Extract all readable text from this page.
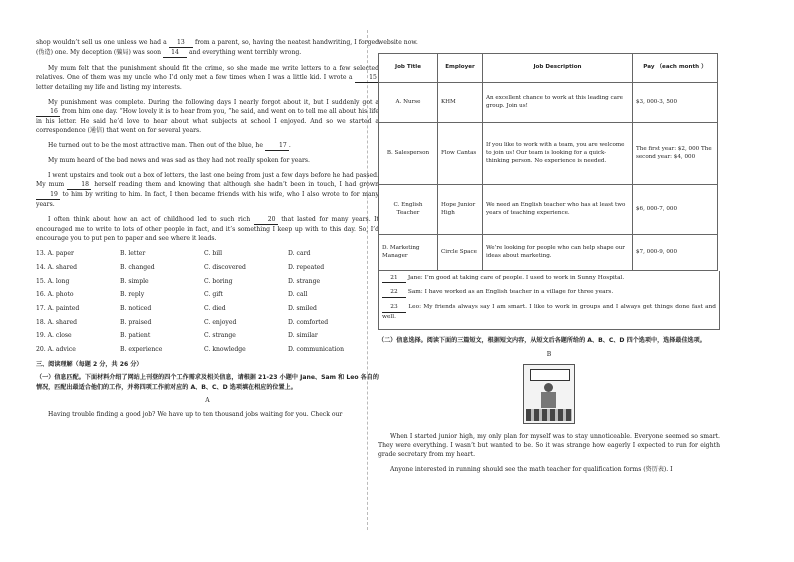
shop wouldn’t sell us one unless we had a 13 from a parent, so, having the neatest handwriting, I forged (伪造) one. My deception (骗局) was soon 14 and everything went terribly wrong.

My mum felt that the punishment should fit the crime, so she made me write letters to a few selected relatives. One of them was my uncle who I’d only met a few times when I was a little kid. I wrote a 15 letter detailing my life and listing my interests.

My punishment was complete. During the following days I nearly forgot about it, but I suddenly got a 16 from him one day. “How lovely it is to hear from you, ”he said, and went on to tell me all about his life in his letter. He said he’d love to hear about what subjects at school I enjoyed. And so we started a correspondence (通信) that went on for several years.

He turned out to be the most attractive man. Then out of the blue, he 17 .

My mum heard of the bad news and was sad as they had not really spoken for years.

I went upstairs and took out a box of letters, the last one being from just a few days before he had passed. My mum 18 herself reading them and knowing that although she hadn’t been in touch, I had grown 19 to him by writing to him. In fact, I then became friends with his wife, who I also wrote to for many years.

I often think about how an act of childhood led to such rich 20 that lasted for many years. It encouraged me to write to lots of other people in fact, and it’s something I keep up with to this day. So, I’d encourage you to put pen to paper and see where it leads.

13. A. paper	B. letter	C. bill	D. card
14. A. shared	B. changed	C. discovered	D. repeated
15. A. long	B. simple	C. boring	D. strange
16. A. photo	B. reply	C. gift	D. call
17. A. painted	B. noticed	C. died	D. smiled
18. A. shared	B. praised	C. enjoyed	D. comforted
19. A. close	B. patient	C. strange	D. similar
20. A. advice	B. experience	C. knowledge	D. communication

三、阅读理解（每题 2 分，共 26 分）

（一）信息匹配。下面材料介绍了网站上刊登的四个工作需求及相关信息，请根据 21-23 小题中 Jane、Sam 和 Leo 各自的情况，匹配出最适合他们的工作，并将四项工作前对应的 A、B、C、D 选项填在相应的位置上。

A

Having trouble finding a good job? We have up to ten thousand jobs waiting for you. Check our

website now.

Job Title	Employer	Job Description	Pay （each month ）
A. Nurse	KHM	An excellent chance to work at this leading care group. Join us!	$3, 000-3, 500
B. Salesperson	Flow Cantas	If you like to work with a team, you are welcome to join us! Our team is looking for a quick-thinking person. No experience is needed.	The first year: $2, 000 The second year: $4, 000
C. English Teacher	Hope Junior High	We need an English teacher who has at least two years of teaching experience.	$6, 000-7, 000
D. Marketing Manager	Circle Space	We’re looking for people who can help shape our ideas about marketing.	$7, 000-9, 000

21 Jane: I’m good at taking care of people. I used to work in Sunny Hospital.

22 Sam: I have worked as an English teacher in a village for three years.

23 Leo: My friends always say I am smart. I like to work in groups and I always get things done fast and well.

（二）信息选择。阅读下面的三篇短文，根据短文内容，从短文后各题所给的 A、B、C、D 四个选项中，选择最佳选项。

B

When I started junior high, my only plan for myself was to stay unnoticeable. Everyone seemed so smart. They were everything. I wasn’t but wanted to be. So it was strange how eagerly I expected to run for eighth grade secretary from my heart.

Anyone interested in running should see the math teacher for qualification forms (资历表). I
